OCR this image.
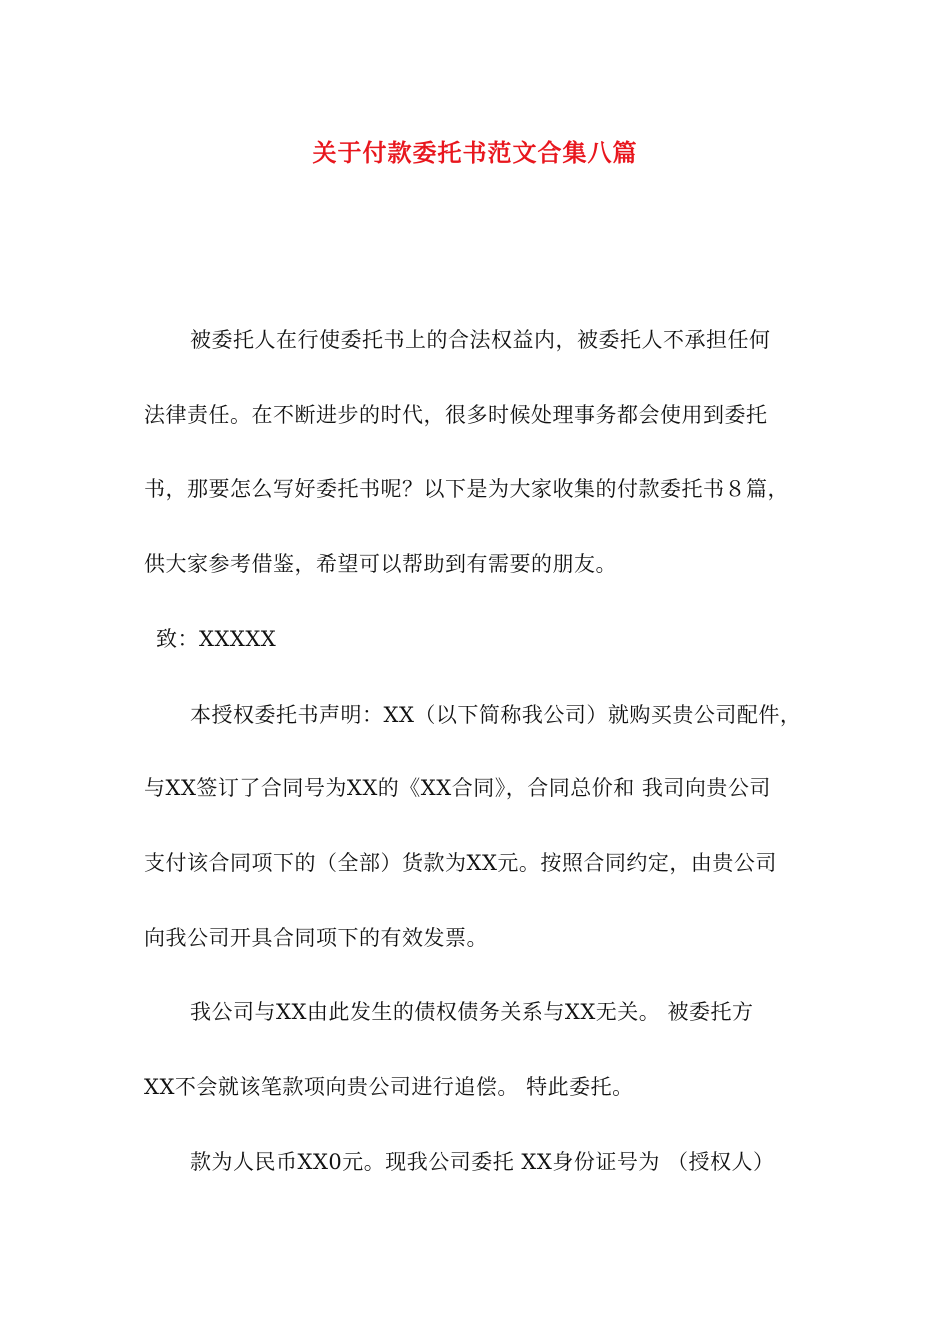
关于付款委托书范文合集八篇
被委托人在行使委托书上的合法权益内，被委托人不承担任何
法律责任。在不断进步的时代，很多时候处理事务都会使用到委托
书，那要怎么写好委托书呢？以下是为大家收集的付款委托书８篇，
供大家参考借鉴，希望可以帮助到有需要的朋友。
致：XXXXX
本授权委托书声明：XX（以下简称我公司）就购买贵公司配件，
与XX签订了合同号为XX的《XX合同》，合同总价和 我司向贵公司
支付该合同项下的（全部）货款为XX元。按照合同约定，由贵公司
向我公司开具合同项下的有效发票。
我公司与XX由此发生的债权债务关系与XX无关。 被委托方
XX不会就该笔款项向贵公司进行追偿。 特此委托。
款为人民币XX0元。现我公司委托 XX身份证号为 （授权人）
